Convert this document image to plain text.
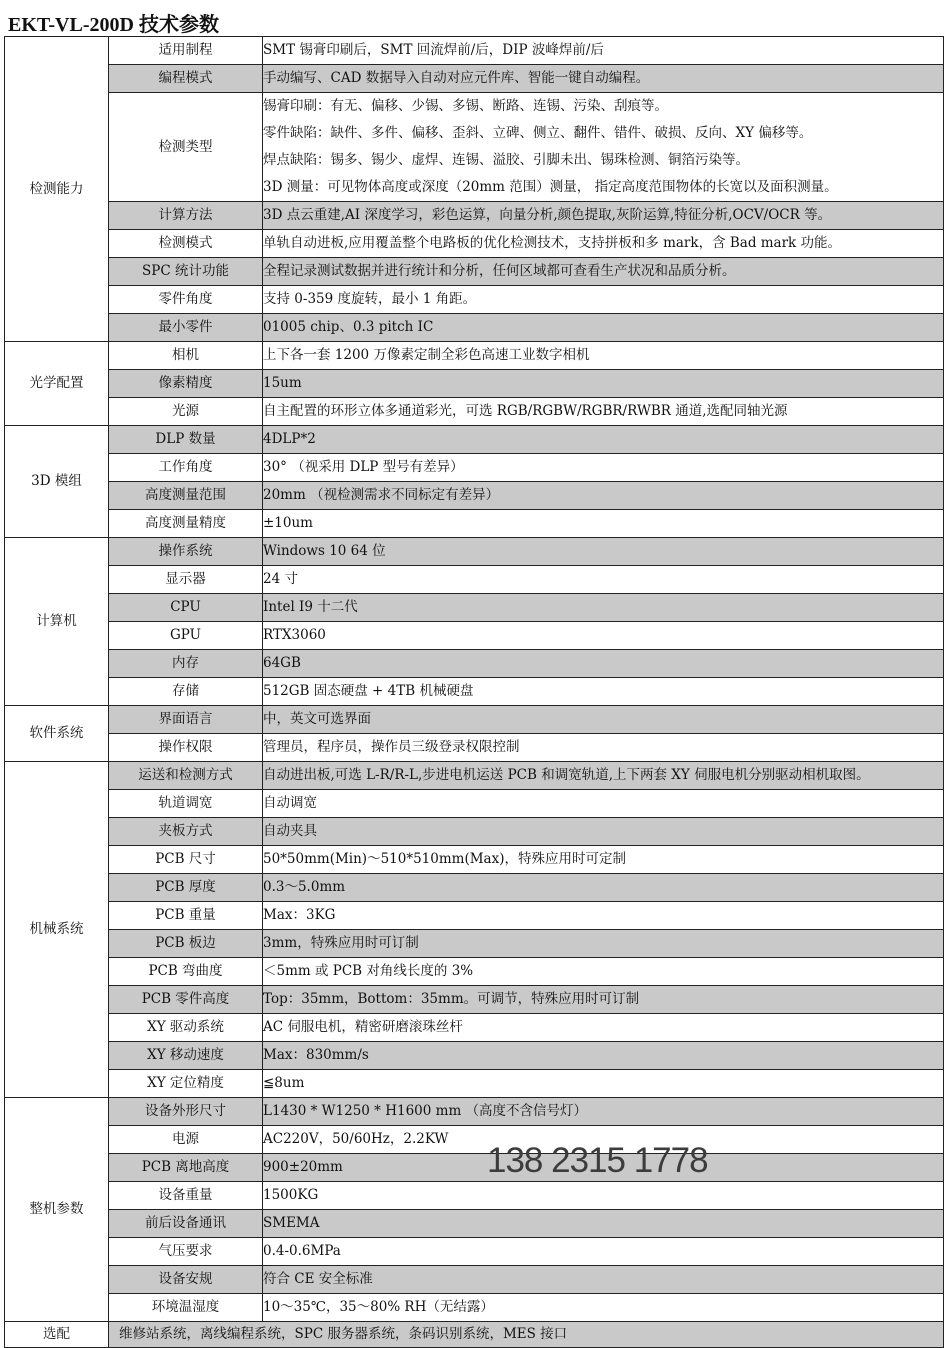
EKT-VL-200D 技术参数
检测能力	适用制程	SMT 锡膏印刷后，SMT 回流焊前/后，DIP 波峰焊前/后

	编程模式	手动编写、CAD 数据导入自动对应元件库、智能一键自动编程。

	检测类型	锡膏印刷：有无、偏移、少锡、多锡、断路、连锡、污染、刮痕等。
零件缺陷：缺件、多件、偏移、歪斜、立碑、侧立、翻件、错件、破损、反向、XY 偏移等。
焊点缺陷：锡多、锡少、虚焊、连锡、溢胶、引脚未出、锡珠检测、铜箔污染等。
3D 测量：可见物体高度或深度（20mm 范围）测量， 指定高度范围物体的长宽以及面积测量。

	计算方法	3D 点云重建,AI 深度学习，彩色运算，向量分析,颜色提取,灰阶运算,特征分析,OCV/OCR 等。

	检测模式	单轨自动进板,应用覆盖整个电路板的优化检测技术，支持拼板和多 mark，含 Bad mark 功能。

	SPC 统计功能	全程记录测试数据并进行统计和分析，任何区域都可查看生产状况和品质分析。

	零件角度	支持 0-359 度旋转，最小 1 角距。

	最小零件	01005 chip、0.3 pitch IC

光学配置	相机	上下各一套 1200 万像素定制全彩色高速工业数字相机

	像素精度	15um

	光源	自主配置的环形立体多通道彩光，可选 RGB/RGBW/RGBR/RWBR 通道,选配同轴光源

3D 模组	DLP 数量	4DLP*2

	工作角度	30° （视采用 DLP 型号有差异）

	高度测量范围	20mm （视检测需求不同标定有差异）

	高度测量精度	±10um

计算机	操作系统	Windows 10 64 位

	显示器	24 寸

	CPU	Intel I9 十二代

	GPU	RTX3060

	内存	64GB

	存储	512GB 固态硬盘 + 4TB 机械硬盘

软件系统	界面语言	中，英文可选界面

	操作权限	管理员，程序员，操作员三级登录权限控制

机械系统	运送和检测方式	自动进出板,可选 L-R/R-L,步进电机运送 PCB 和调宽轨道,上下两套 XY 伺服电机分别驱动相机取图。

	轨道调宽	自动调宽

	夹板方式	自动夹具

	PCB 尺寸	50*50mm(Min)～510*510mm(Max)，特殊应用时可定制

	PCB 厚度	0.3～5.0mm

	PCB 重量	Max：3KG

	PCB 板边	3mm，特殊应用时可订制

	PCB 弯曲度	＜5mm 或 PCB 对角线长度的 3%

	PCB 零件高度	Top：35mm，Bottom：35mm。可调节，特殊应用时可订制

	XY 驱动系统	AC 伺服电机，精密研磨滚珠丝杆

	XY 移动速度	Max：830mm/s

	XY 定位精度	≦8um

整机参数	设备外形尺寸	L1430 * W1250 * H1600 mm （高度不含信号灯）

	电源	AC220V，50/60Hz，2.2KW

	PCB 离地高度	900±20mm

	设备重量	1500KG

	前后设备通讯	SMEMA

	气压要求	0.4-0.6MPa

	设备安规	符合 CE 安全标准

	环境温湿度	10～35℃，35～80% RH（无结露）

选配	维修站系统，离线编程系统，SPC 服务器系统，条码识别系统，MES 接口	
138 2315 1778
